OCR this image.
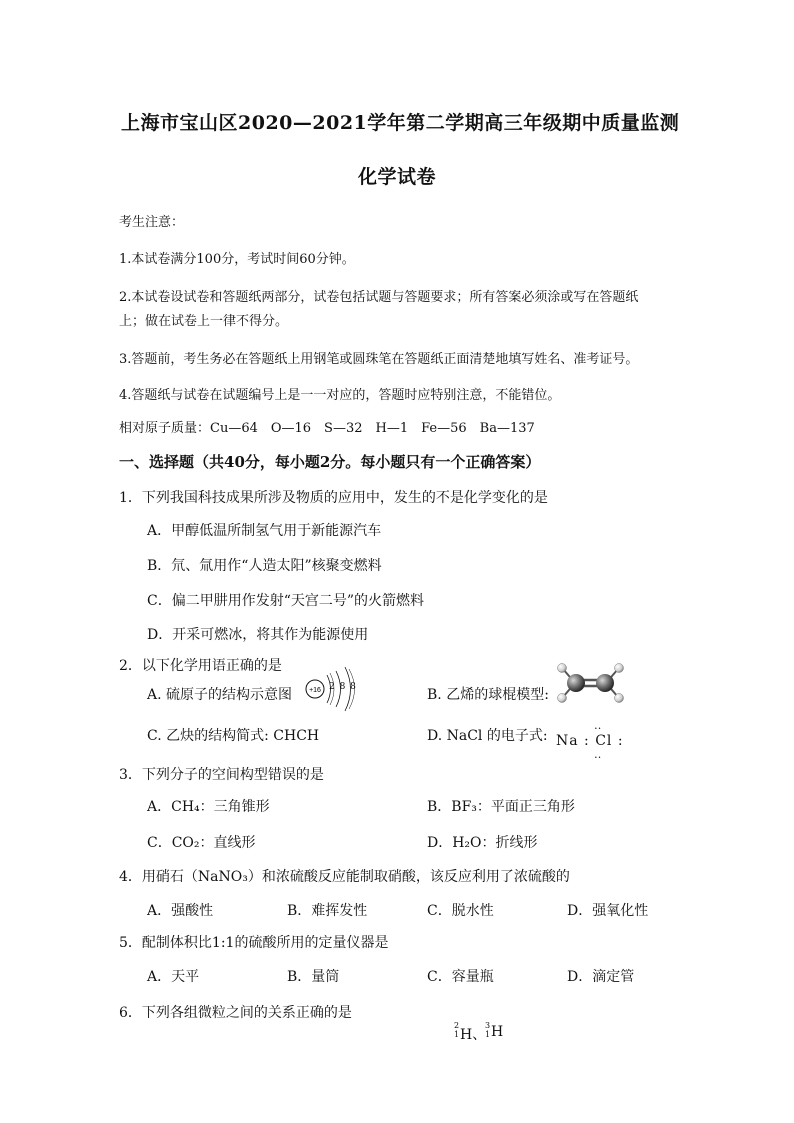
上海市宝山区2020—2021学年第二学期高三年级期中质量监测
化学试卷
考生注意：
1.本试卷满分100分，考试时间60分钟。
2.本试卷设试卷和答题纸两部分，试卷包括试题与答题要求；所有答案必须涂或写在答题纸
上；做在试卷上一律不得分。
3.答题前，考生务必在答题纸上用钢笔或圆珠笔在答题纸正面清楚地填写姓名、准考证号。
4.答题纸与试卷在试题编号上是一一对应的，答题时应特别注意，不能错位。
相对原子质量：Cu—64　O—16　S—32　H—1　Fe—56　Ba—137
一、选择题（共40分，每小题2分。每小题只有一个正确答案）
1．下列我国科技成果所涉及物质的应用中，发生的不是化学变化的是
A．甲醇低温所制氢气用于新能源汽车
B．氘、氚用作“人造太阳”核聚变燃料
C．偏二甲肼用作发射“天宫二号”的火箭燃料
D．开采可燃冰，将其作为能源使用
2．以下化学用语正确的是
A. 硫原子的结构示意图 +16 2 8 8	B. 乙烯的球棍模型:
C. 乙炔的结构简式: CHCH	D. NaCl 的电子式: Na : Cl :
‥
‥
3．下列分子的空间构型错误的是
A．CH₄：三角锥形	B．BF₃：平面正三角形
C．CO₂：直线形	D．H₂O：折线形
4．用硝石（NaNO₃）和浓硫酸反应能制取硝酸，该反应利用了浓硫酸的
A．强酸性	B．难挥发性	C．脱水性	D．强氧化性
5．配制体积比1:1的硫酸所用的定量仪器是
A．天平	B．量筒	C．容量瓶	D．滴定管
6．下列各组微粒之间的关系正确的是
2
1 H、
3
1 H
